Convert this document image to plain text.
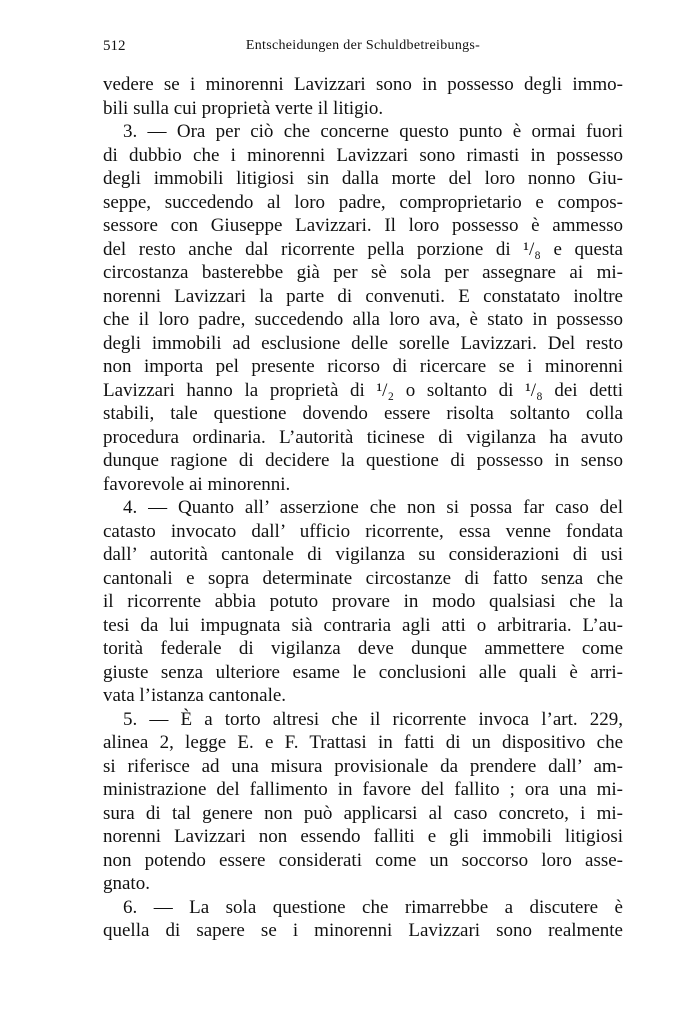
512	Entscheidungen der Schuldbetreibungs-
vedere se i minorenni Lavizzari sono in possesso degli immo-
bili sulla cui proprietà verte il litigio.
3. — Ora per ciò che concerne questo punto è ormai fuori
di dubbio che i minorenni Lavizzari sono rimasti in possesso
degli immobili litigiosi sin dalla morte del loro nonno Giu-
seppe, succedendo al loro padre, comproprietario e compos-
sessore con Giuseppe Lavizzari. Il loro possesso è ammesso
del resto anche dal ricorrente pella porzione di ¹/₈ e questa
circostanza basterebbe già per sè sola per assegnare ai mi-
norenni Lavizzari la parte di convenuti. E constatato inoltre
che il loro padre, succedendo alla loro ava, è stato in possesso
degli immobili ad esclusione delle sorelle Lavizzari. Del resto
non importa pel presente ricorso di ricercare se i minorenni
Lavizzari hanno la proprietà di ¹/₂ o soltanto di ¹/₈ dei detti
stabili, tale questione dovendo essere risolta soltanto colla
procedura ordinaria. L’autorità ticinese di vigilanza ha avuto
dunque ragione di decidere la questione di possesso in senso
favorevole ai minorenni.
4. — Quanto all’ asserzione che non si possa far caso del
catasto invocato dall’ ufficio ricorrente, essa venne fondata
dall’ autorità cantonale di vigilanza su considerazioni di usi
cantonali e sopra determinate circostanze di fatto senza che
il ricorrente abbia potuto provare in modo qualsiasi che la
tesi da lui impugnata sià contraria agli atti o arbitraria. L’au-
torità federale di vigilanza deve dunque ammettere come
giuste senza ulteriore esame le conclusioni alle quali è arri-
vata l’istanza cantonale.
5. — È a torto altresi che il ricorrente invoca l’art. 229,
alinea 2, legge E. e F. Trattasi in fatti di un dispositivo che
si riferisce ad una misura provisionale da prendere dall’ am-
ministrazione del fallimento in favore del fallito ; ora una mi-
sura di tal genere non può applicarsi al caso concreto, i mi-
norenni Lavizzari non essendo falliti e gli immobili litigiosi
non potendo essere considerati come un soccorso loro asse-
gnato.
6. — La sola questione che rimarrebbe a discutere è
quella di sapere se i minorenni Lavizzari sono realmente
